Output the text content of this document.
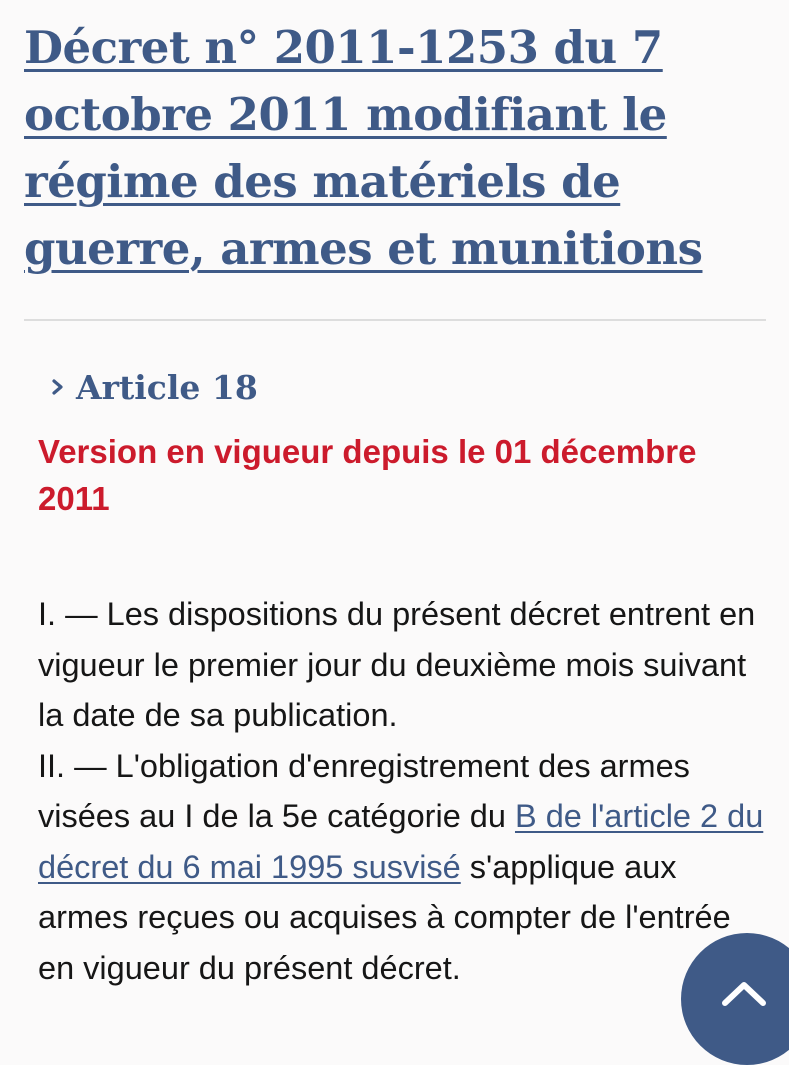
Décret n° 2011-1253 du 7 octobre 2011 modifiant le régime des matériels de guerre, armes et munitions
Article 18
Version en vigueur depuis le 01 décembre 2011

I. — Les dispositions du présent décret entrent en vigueur le premier jour du deuxième mois suivant la date de sa publication.

II. — L'obligation d'enregistrement des armes visées au I de la 5e catégorie du B de l'article 2 du décret du 6 mai 1995 susvisé s'applique aux armes reçues ou acquises à compter de l'entrée en vigueur du présent décret.
